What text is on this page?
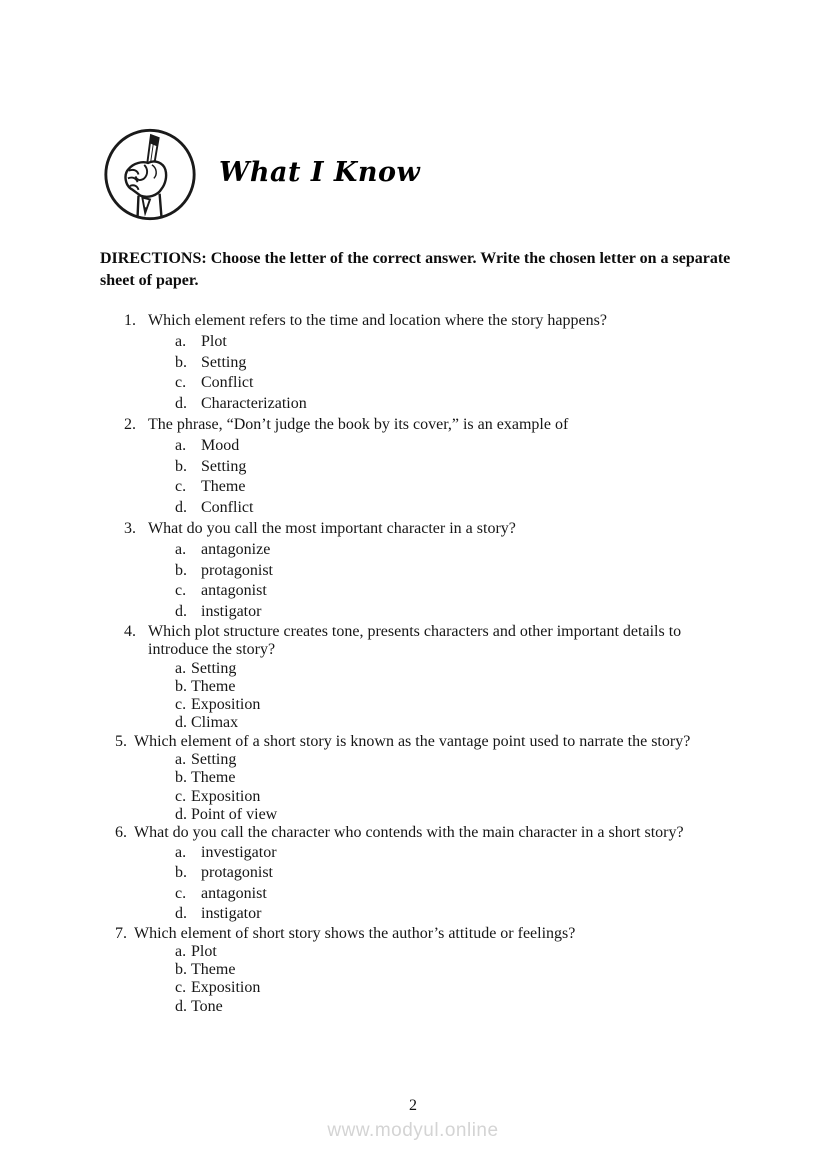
What I Know
DIRECTIONS: Choose the letter of the correct answer. Write the chosen letter on a separate sheet of paper.
1. Which element refers to the time and location where the story happens?
a. Plot
b. Setting
c. Conflict
d. Characterization
2. The phrase, “Don’t judge the book by its cover,” is an example of
a. Mood
b. Setting
c. Theme
d. Conflict
3. What do you call the most important character in a story?
a. antagonize
b. protagonist
c. antagonist
d. instigator
4. Which plot structure creates tone, presents characters and other important details to introduce the story?
a. Setting
b. Theme
c. Exposition
d. Climax
5. Which element of a short story is known as the vantage point used to narrate the story?
a. Setting
b. Theme
c. Exposition
d. Point of view
6. What do you call the character who contends with the main character in a short story?
a. investigator
b. protagonist
c. antagonist
d. instigator
7. Which element of short story shows the author’s attitude or feelings?
a. Plot
b. Theme
c. Exposition
d. Tone
2
www.modyul.online
